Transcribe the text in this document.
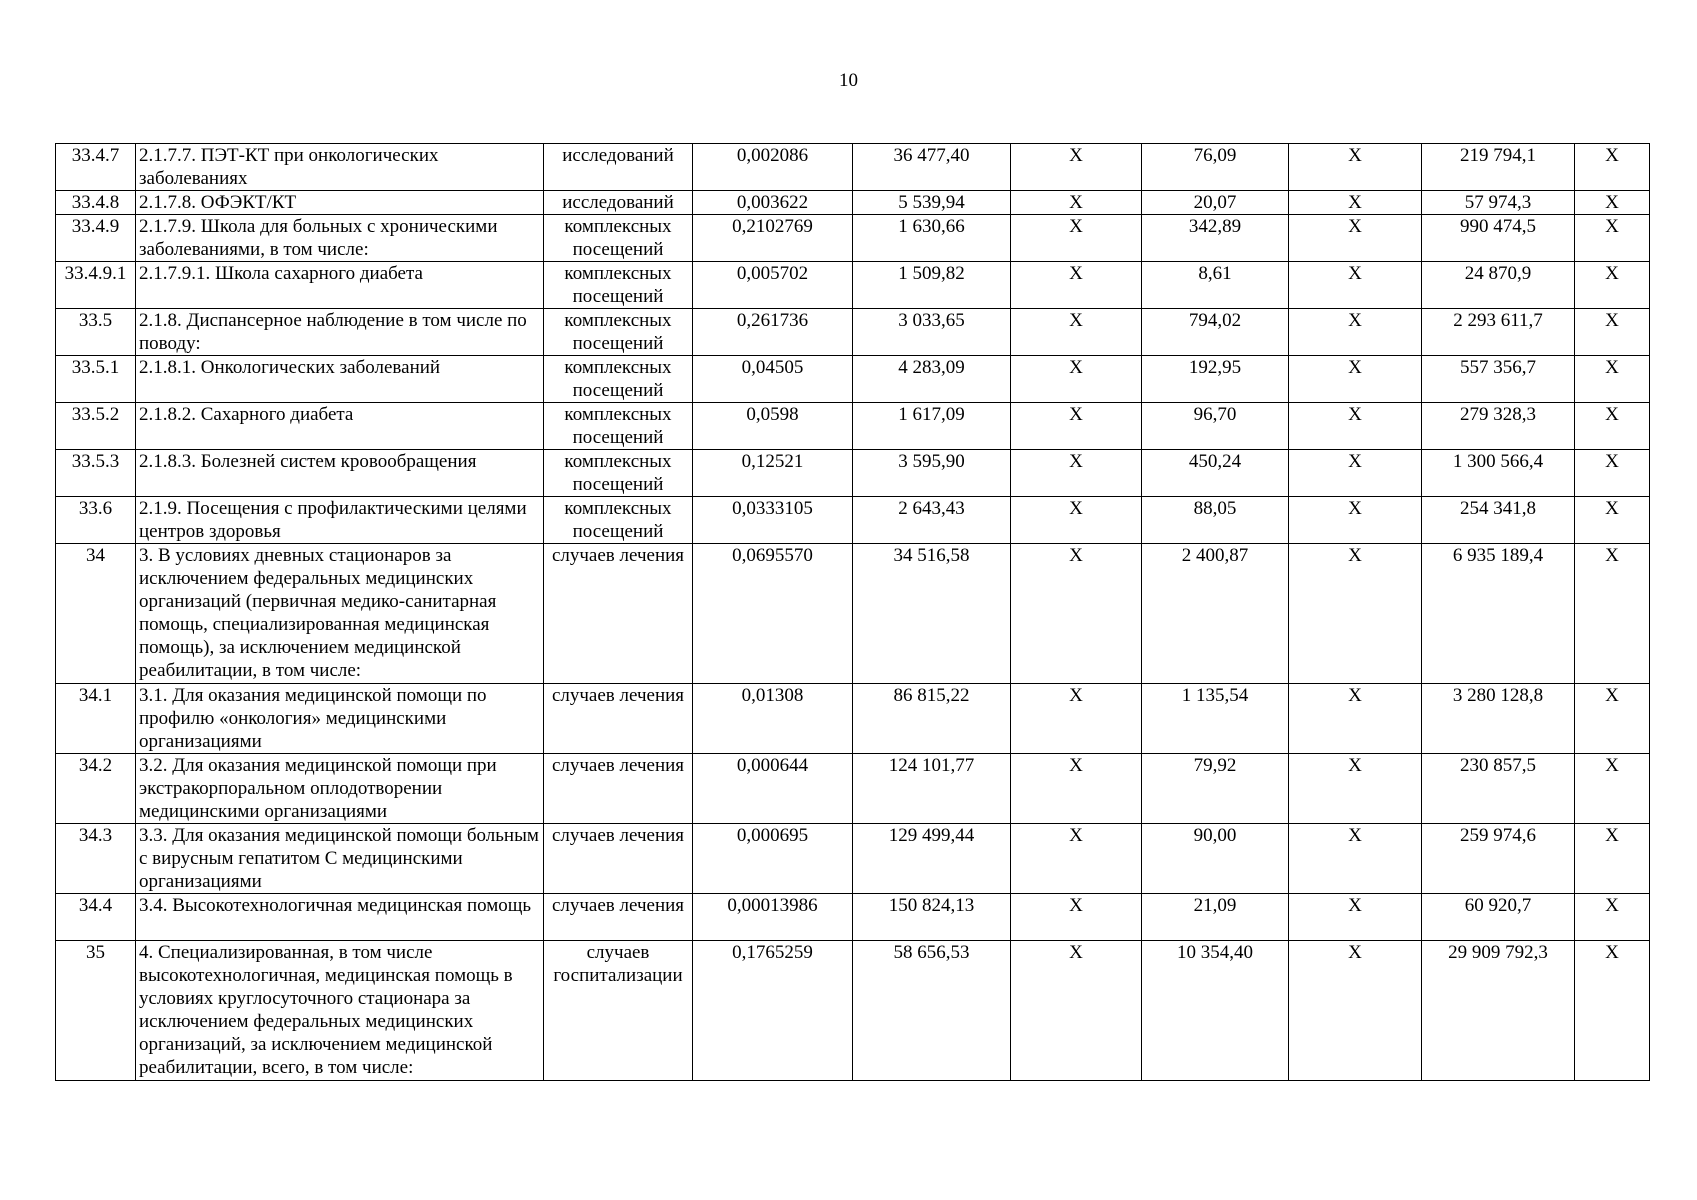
10
33.4.7	2.1.7.7. ПЭТ-КТ при онкологических заболеваниях	исследований	0,002086	36 477,40	Х	76,09	Х	219 794,1	Х
33.4.8	2.1.7.8. ОФЭКТ/КТ	исследований	0,003622	5 539,94	Х	20,07	Х	57 974,3	Х
33.4.9	2.1.7.9. Школа для больных с хроническими заболеваниями, в том числе:	комплексных посещений	0,2102769	1 630,66	Х	342,89	Х	990 474,5	Х
33.4.9.1	2.1.7.9.1. Школа сахарного диабета	комплексных посещений	0,005702	1 509,82	Х	8,61	Х	24 870,9	Х
33.5	2.1.8. Диспансерное наблюдение в том числе по поводу:	комплексных посещений	0,261736	3 033,65	Х	794,02	Х	2 293 611,7	Х
33.5.1	2.1.8.1. Онкологических заболеваний	комплексных посещений	0,04505	4 283,09	Х	192,95	Х	557 356,7	Х
33.5.2	2.1.8.2. Сахарного диабета	комплексных посещений	0,0598	1 617,09	Х	96,70	Х	279 328,3	Х
33.5.3	2.1.8.3. Болезней систем кровообращения	комплексных посещений	0,12521	3 595,90	Х	450,24	Х	1 300 566,4	Х
33.6	2.1.9. Посещения с профилактическими целями центров здоровья	комплексных посещений	0,0333105	2 643,43	Х	88,05	Х	254 341,8	Х
34	3. В условиях дневных стационаров за исключением федеральных медицинских организаций (первичная медико-санитарная помощь, специализированная медицинская помощь), за исключением медицинской реабилитации, в том числе:	случаев лечения	0,0695570	34 516,58	Х	2 400,87	Х	6 935 189,4	Х
34.1	3.1. Для оказания медицинской помощи по профилю «онкология» медицинскими организациями	случаев лечения	0,01308	86 815,22	Х	1 135,54	Х	3 280 128,8	Х
34.2	3.2. Для оказания медицинской помощи при экстракорпоральном оплодотворении медицинскими организациями	случаев лечения	0,000644	124 101,77	Х	79,92	Х	230 857,5	Х
34.3	3.3. Для оказания медицинской помощи больным с вирусным гепатитом С медицинскими организациями	случаев лечения	0,000695	129 499,44	Х	90,00	Х	259 974,6	Х
34.4	3.4. Высокотехнологичная медицинская помощь	случаев лечения	0,00013986	150 824,13	Х	21,09	Х	60 920,7	Х
35	4. Специализированная, в том числе высокотехнологичная, медицинская помощь в условиях круглосуточного стационара за исключением федеральных медицинских организаций, за исключением медицинской реабилитации, всего, в том числе:	случаев госпитализации	0,1765259	58 656,53	Х	10 354,40	Х	29 909 792,3	Х
